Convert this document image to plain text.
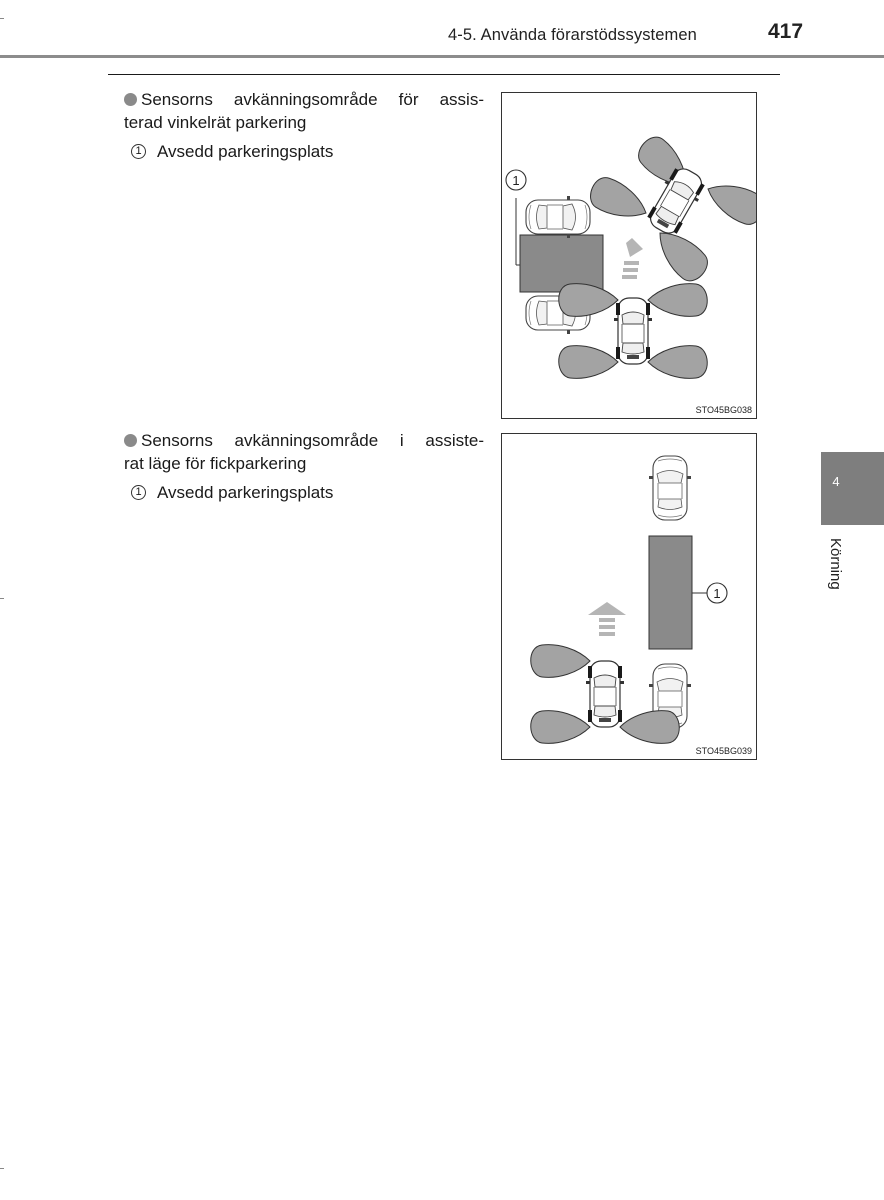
4-5. Använda förarstödssystemen	417
Sensorns avkänningsområde för assis-
terad vinkelrät parkering
1 Avsedd parkeringsplats
1
STO45BG038
Sensorns avkänningsområde i assiste-
rat läge för fickparkering
1 Avsedd parkeringsplats
1
STO45BG039
4
Körning
